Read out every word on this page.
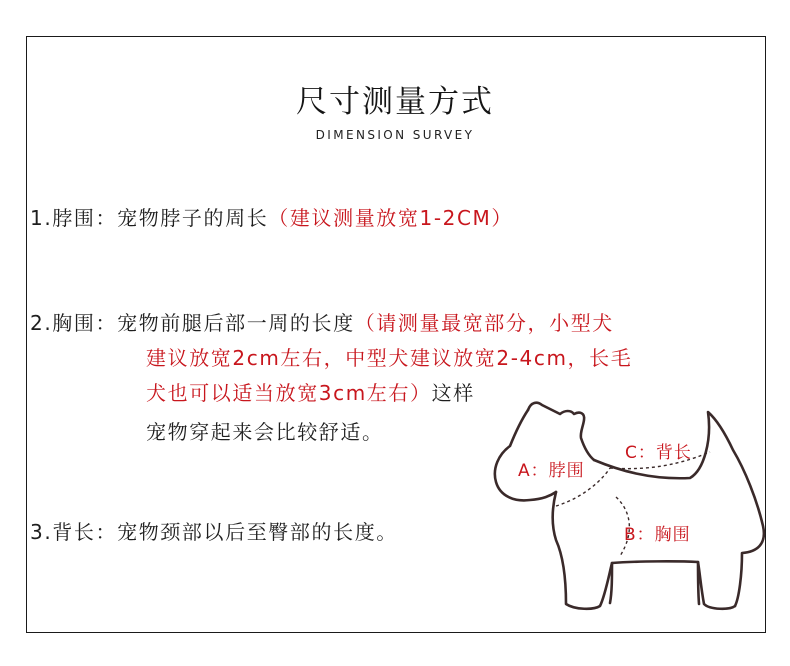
尺寸测量方式
DIMENSION SURVEY
1.脖围：宠物脖子的周长（建议测量放宽1-2CM）
2.胸围：宠物前腿后部一周的长度（请测量最宽部分，小型犬
建议放宽2cm左右，中型犬建议放宽2-4cm，长毛
犬也可以适当放宽3cm左右）这样
宠物穿起来会比较舒适。
3.背长：宠物颈部以后至臀部的长度。
A：脖围
B：胸围
C：背长
